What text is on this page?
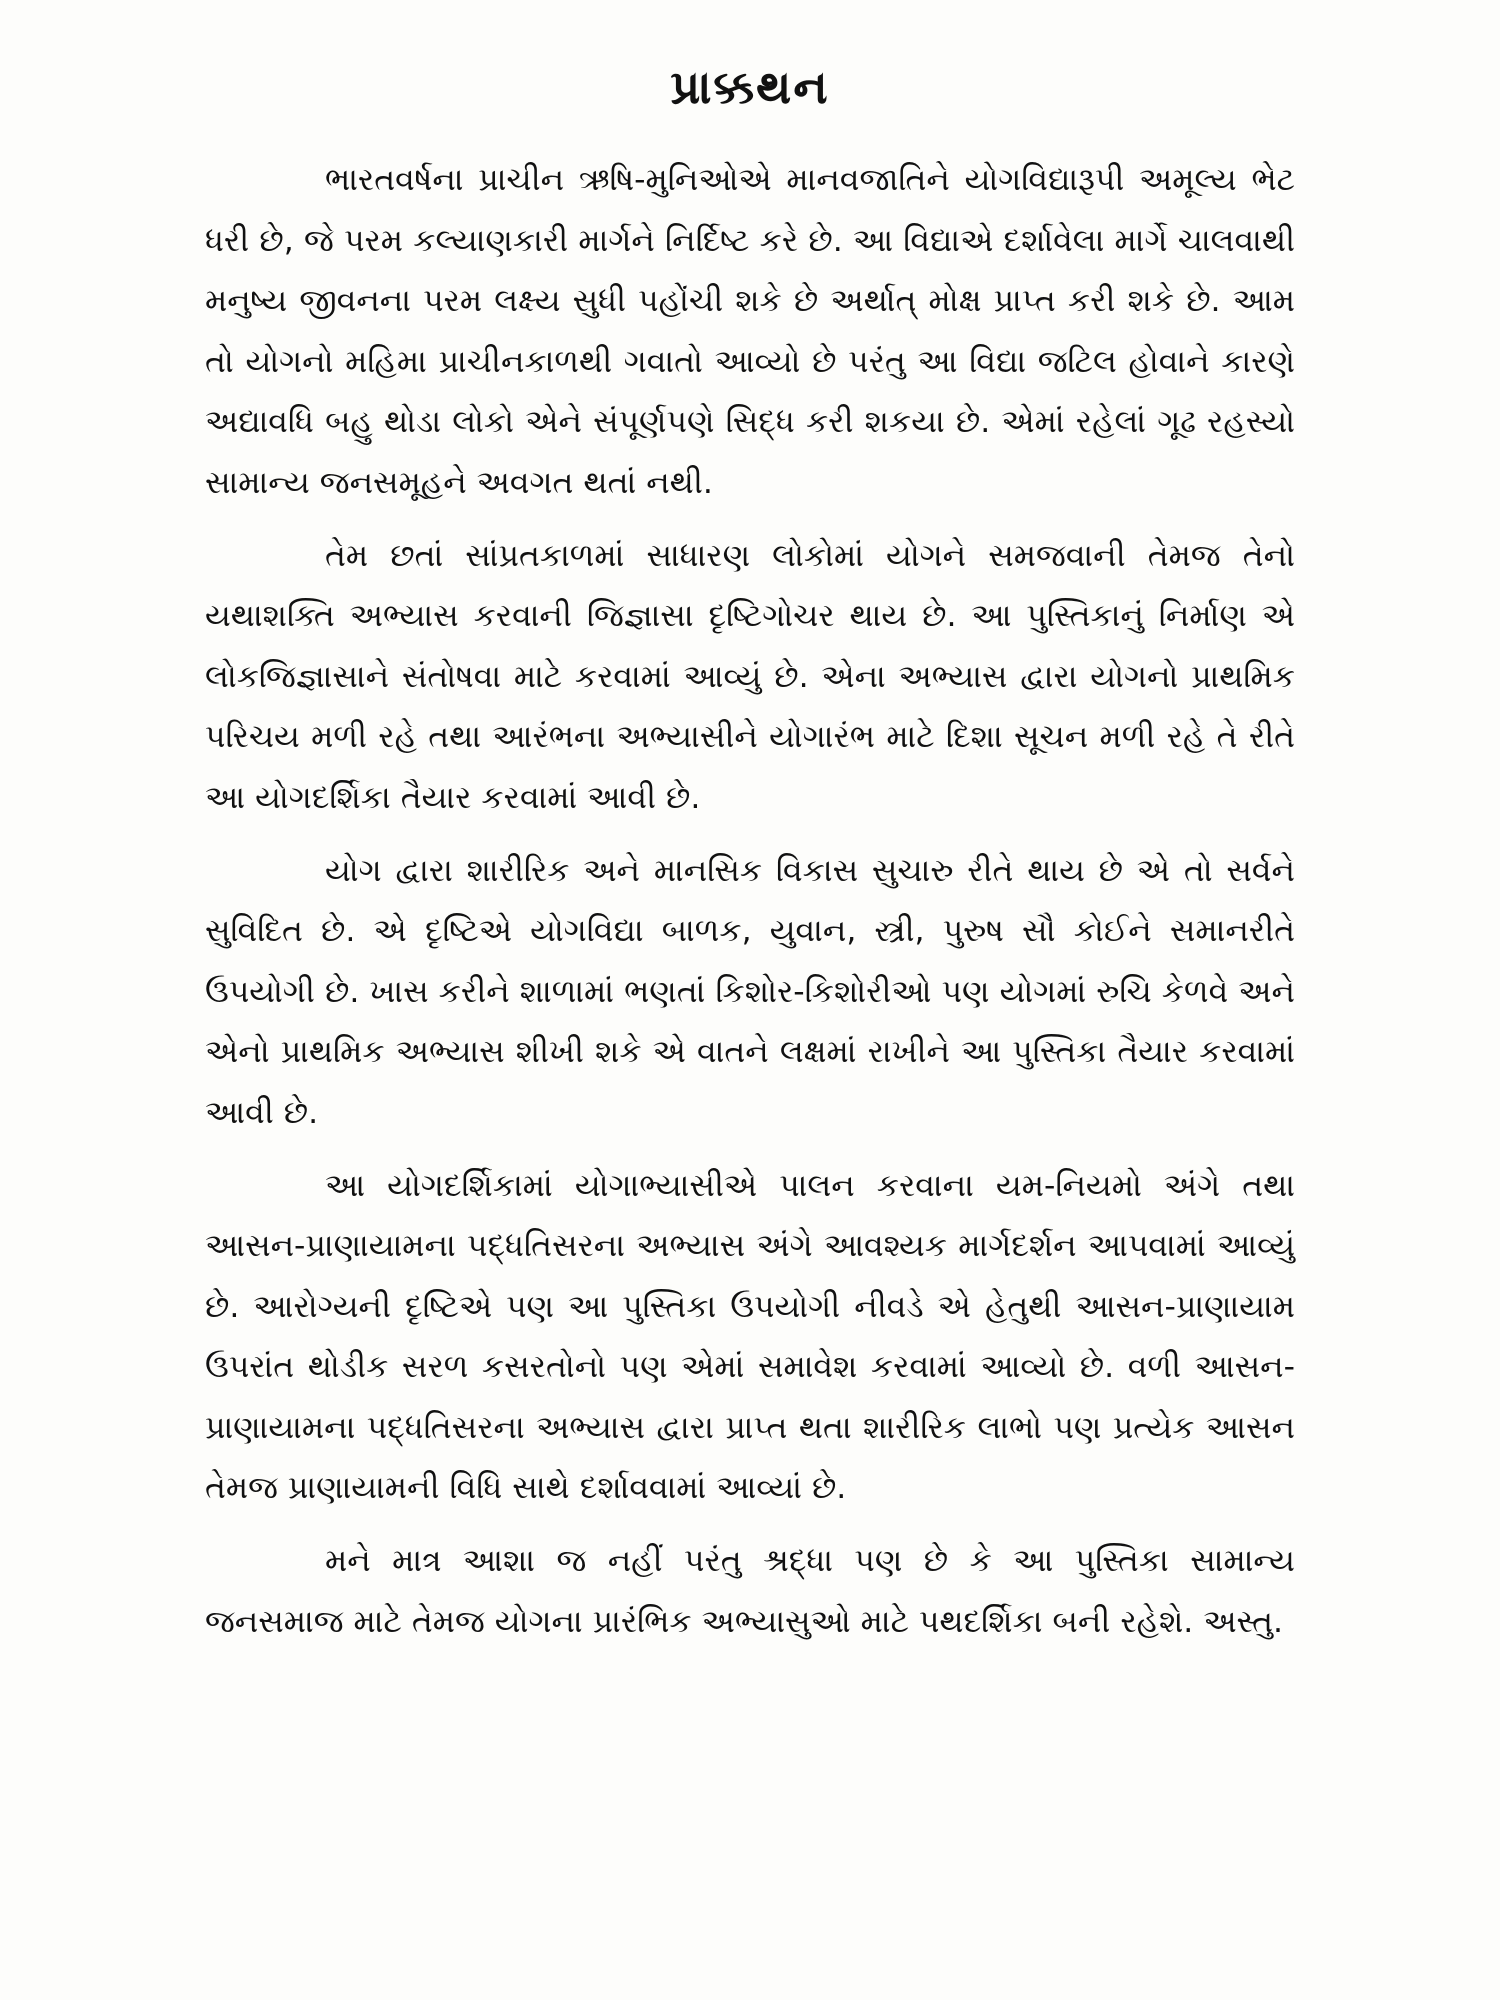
પ્રાક્કથન

ભારતવર્ષના પ્રાચીન ઋષિ-મુનિઓએ માનવજાતિને યોગવિદ્યારૂપી અમૂલ્ય ભેટ ધરી છે, જે પરમ કલ્યાણકારી માર્ગને નિર્દિષ્ટ કરે છે. આ વિદ્યાએ દર્શાવેલા માર્ગે ચાલવાથી મનુષ્ય જીવનના પરમ લક્ષ્ય સુધી પહોંચી શકે છે અર્થાત્ મોક્ષ પ્રાપ્ત કરી શકે છે. આમ તો યોગનો મહિમા પ્રાચીનકાળથી ગવાતો આવ્યો છે પરંતુ આ વિદ્યા જટિલ હોવાને કારણે અદ્યાવધિ બહુ થોડા લોકો એને સંપૂર્ણપણે સિદ્ધ કરી શકયા છે. એમાં રહેલાં ગૂઢ રહસ્યો સામાન્ય જનસમૂહને અવગત થતાં નથી.

તેમ છતાં સાંપ્રતકાળમાં સાધારણ લોકોમાં યોગને સમજવાની તેમજ તેનો યથાશક્તિ અભ્યાસ કરવાની જિજ્ઞાસા દૃષ્ટિગોચર થાય છે. આ પુસ્તિકાનું નિર્માણ એ લોકજિજ્ઞાસાને સંતોષવા માટે કરવામાં આવ્યું છે. એના અભ્યાસ દ્વારા યોગનો પ્રાથમિક પરિચય મળી રહે તથા આરંભના અભ્યાસીને યોગારંભ માટે દિશા સૂચન મળી રહે તે રીતે આ યોગદર્શિકા તૈયાર કરવામાં આવી છે.

યોગ દ્વારા શારીરિક અને માનસિક વિકાસ સુચારુ રીતે થાય છે એ તો સર્વને સુવિદિત છે. એ દૃષ્ટિએ યોગવિદ્યા બાળક, યુવાન, સ્ત્રી, પુરુષ સૌ કોઈને સમાનરીતે ઉપયોગી છે. ખાસ કરીને શાળામાં ભણતાં કિશોર-કિશોરીઓ પણ યોગમાં રુચિ કેળવે અને એનો પ્રાથમિક અભ્યાસ શીખી શકે એ વાતને લક્ષમાં રાખીને આ પુસ્તિકા તૈયાર કરવામાં આવી છે.

આ યોગદર્શિકામાં યોગાભ્યાસીએ પાલન કરવાના યમ-નિયમો અંગે તથા આસન-પ્રાણાયામના પદ્ધતિસરના અભ્યાસ અંગે આવશ્યક માર્ગદર્શન આપવામાં આવ્યું છે. આરોગ્યની દૃષ્ટિએ પણ આ પુસ્તિકા ઉપયોગી નીવડે એ હેતુથી આસન-પ્રાણાયામ ઉપરાંત થોડીક સરળ કસરતોનો પણ એમાં સમાવેશ કરવામાં આવ્યો છે. વળી આસન-પ્રાણાયામના પદ્ધતિસરના અભ્યાસ દ્વારા પ્રાપ્ત થતા શારીરિક લાભો પણ પ્રત્યેક આસન તેમજ પ્રાણાયામની વિધિ સાથે દર્શાવવામાં આવ્યાં છે.

મને માત્ર આશા જ નહીં પરંતુ શ્રદ્ધા પણ છે કે આ પુસ્તિકા સામાન્ય જનસમાજ માટે તેમજ યોગના પ્રારંભિક અભ્યાસુઓ માટે પથદર્શિકા બની રહેશે. અસ્તુ.
